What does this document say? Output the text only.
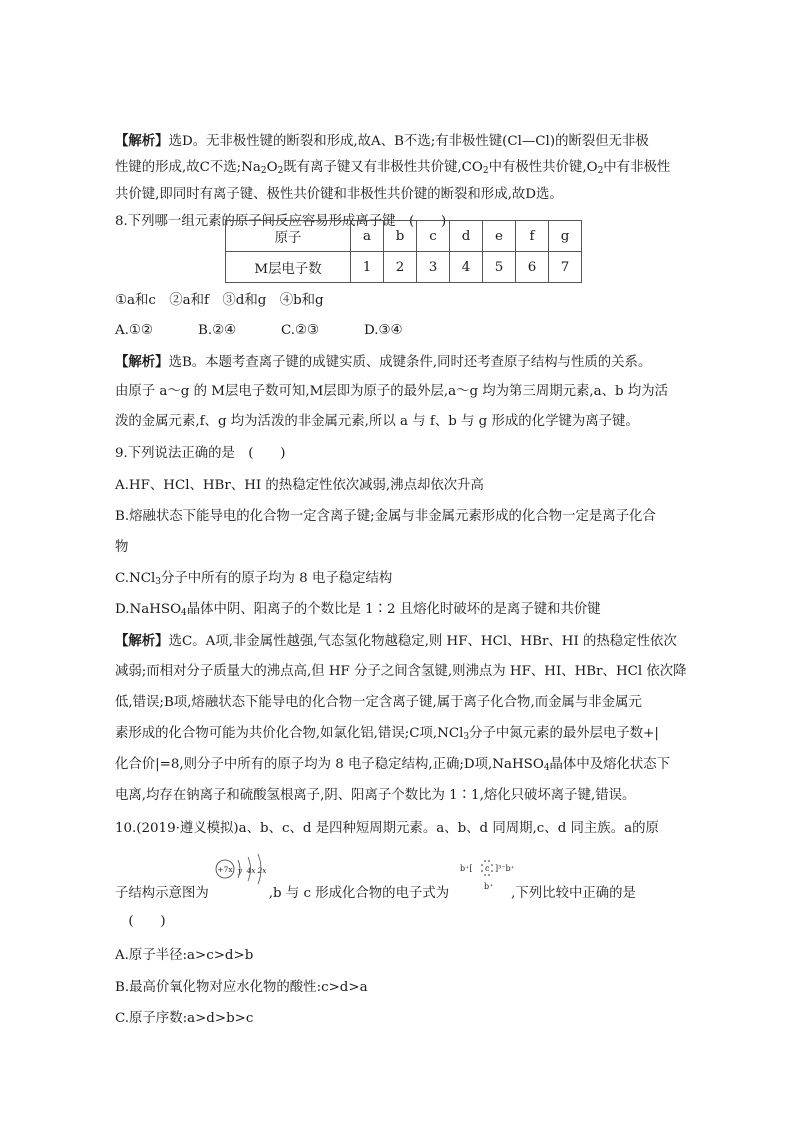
【解析】选D。无非极性键的断裂和形成,故A、B不选;有非极性键(Cl—Cl)的断裂但无非极
性键的形成,故C不选$;Na_2O_2$既有离子键又有非极性共价键$,CO_2$中有极性共价键$,O_2$中有非极性
共价键,即同时有离子键、极性共价键和非极性共价键的断裂和形成,故D选。
8.下列哪一组元素的原子间反应容易形成离子键　(　　)
原子	a	b	c	d	e	f	g
M层电子数	1	2	3	4	5	6	7
①a和c　②a和f　③d和g　④b和g
A.①②	B.②④	C.②③	D.③④
【解析】选B。本题考查离子键的成键实质、成键条件,同时还考查原子结构与性质的关系。
由原子 a～g 的 M层电子数可知,M层即为原子的最外层,a～g 均为第三周期元素,a、b 均为活
泼的金属元素,f、g 均为活泼的非金属元素,所以 a 与 f、b 与 g 形成的化学键为离子键。
9.下列说法正确的是　(　　)
A.HF、HCl、HBr、HI 的热稳定性依次减弱,沸点却依次升高
B.熔融状态下能导电的化合物一定含离子键;金属与非金属元素形成的化合物一定是离子化合
物
C.NCl$_3$分子中所有的原子均为 8 电子稳定结构
D.NaHSO$_4$晶体中阴、阳离子的个数比是 1∶2 且熔化时破坏的是离子键和共价键
【解析】选C。A项,非金属性越强,气态氢化物越稳定,则 HF、HCl、HBr、HI 的热稳定性依次
减弱;而相对分子质量大的沸点高,但 HF 分子之间含氢键,则沸点为 HF、HI、HBr、HCl 依次降
低,错误;B项,熔融状态下能导电的化合物一定含离子键,属于离子化合物,而金属与非金属元
素形成的化合物可能为共价化合物,如氯化铝,错误;C项,NCl$_3$分子中氮元素的最外层电子数+|
化合价|=8,则分子中所有的原子均为 8 电子稳定结构,正确;D项,NaHSO$_4$晶体中及熔化状态下
电离,均存在钠离子和硫酸氢根离子,阴、阳离子个数比为 1∶1,熔化只破坏离子键,错误。
10.(2019·遵义模拟)a、b、c、d 是四种短周期元素。a、b、d 同周期,c、d 同主族。a的原
+7x y 4x 2x	b⁺[ c ]³⁻b⁺
b⁺
子结构示意图为	,b 与 c 形成化合物的电子式为	,下列比较中正确的是
　(　　)
A.原子半径:a>c>d>b
B.最高价氧化物对应水化物的酸性:c>d>a
C.原子序数:a>d>b>c
